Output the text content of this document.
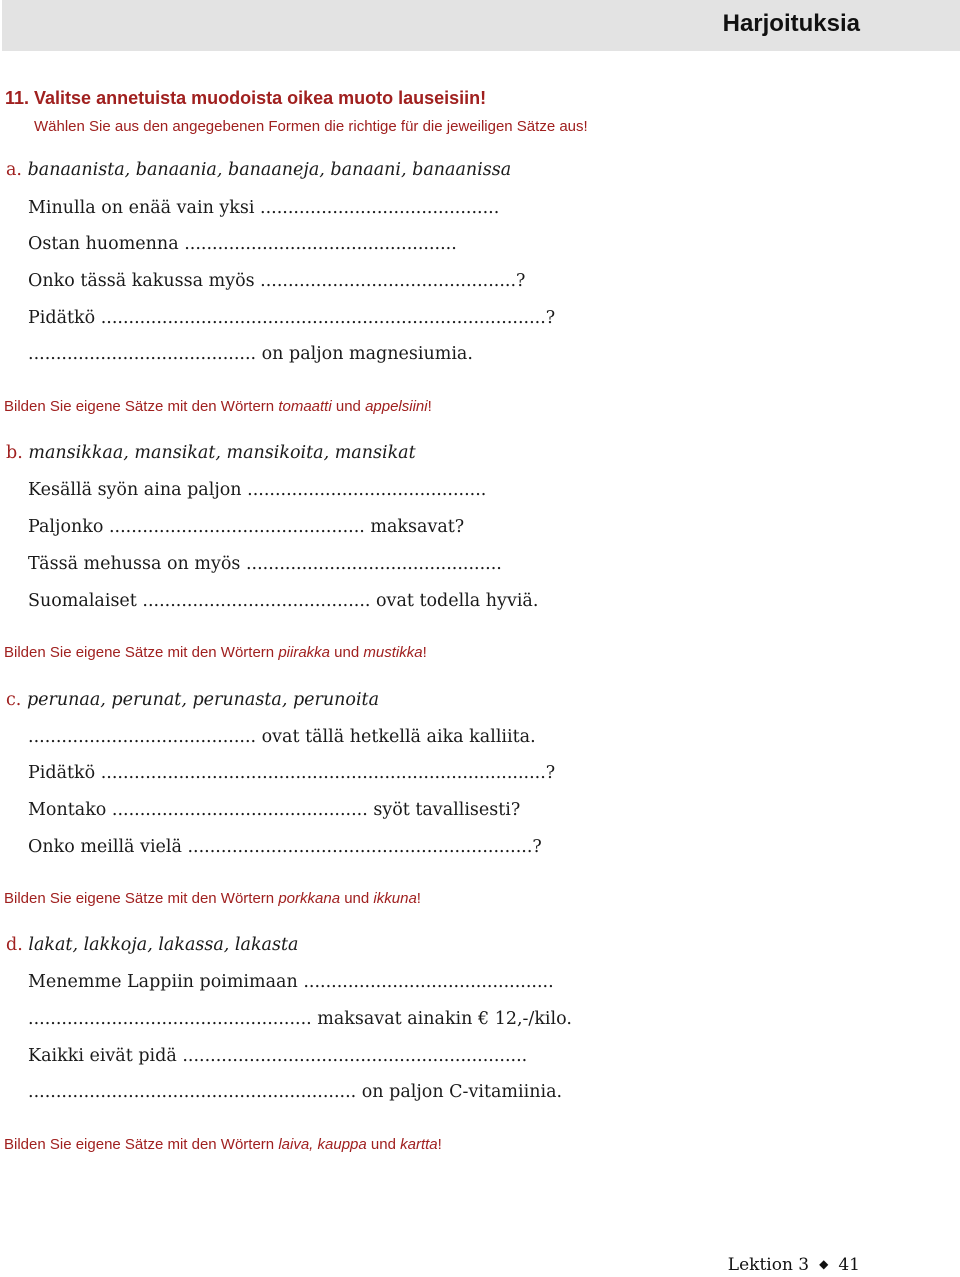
Harjoituksia
11. Valitse annetuista muodoista oikea muoto lauseisiin!
Wählen Sie aus den angegebenen Formen die richtige für die jeweiligen Sätze aus!
a. banaanista, banaania, banaaneja, banaani, banaanissa
Minulla on enää vain yksi ...........................................
Ostan huomenna .................................................
Onko tässä kakussa myös ..............................................?
Pidätkö ................................................................................?
......................................... on paljon magnesiumia.
Bilden Sie eigene Sätze mit den Wörtern tomaatti und appelsiini!
b. mansikkaa, mansikat, mansikoita, mansikat
Kesällä syön aina paljon ...........................................
Paljonko .............................................. maksavat?
Tässä mehussa on myös ..............................................
Suomalaiset ......................................... ovat todella hyviä.
Bilden Sie eigene Sätze mit den Wörtern piirakka und mustikka!
c. perunaa, perunat, perunasta, perunoita
......................................... ovat tällä hetkellä aika kalliita.
Pidätkö ................................................................................?
Montako .............................................. syöt tavallisesti?
Onko meillä vielä ..............................................................?
Bilden Sie eigene Sätze mit den Wörtern porkkana und ikkuna!
d. lakat, lakkoja, lakassa, lakasta
Menemme Lappiin poimimaan .............................................
................................................... maksavat ainakin € 12,-/kilo.
Kaikki eivät pidä ..............................................................
........................................................... on paljon C-vitamiinia.
Bilden Sie eigene Sätze mit den Wörtern laiva, kauppa und kartta!
Lektion 3 ◆ 41
